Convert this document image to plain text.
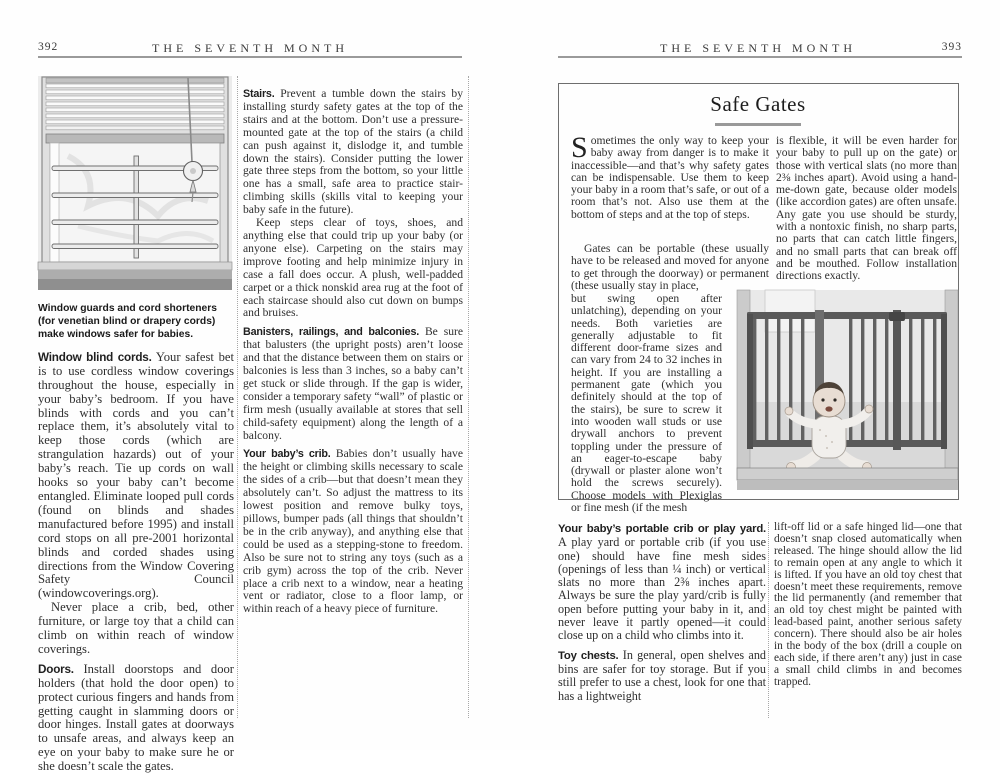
392	THE SEVENTH MONTH

Window guards and cord shorteners (for venetian blind or drapery cords) make windows safer for babies.

Window blind cords. Your safest bet is to use cordless window coverings throughout the house, especially in your baby’s bedroom. If you have blinds with cords and you can’t replace them, it’s absolutely vital to keep those cords (which are strangulation hazards) out of your baby’s reach. Tie up cords on wall hooks so your baby can’t become entangled. Eliminate looped pull cords (found on blinds and shades manufactured before 1995) and install cord stops on all pre-2001 horizontal blinds and corded shades using directions from the Window Covering Safety Council (windowcoverings.org).

Never place a crib, bed, other furniture, or large toy that a child can climb on within reach of window coverings.

Doors. Install doorstops and door holders (that hold the door open) to protect curious fingers and hands from getting caught in slamming doors or door hinges. Install gates at doorways to unsafe areas, and always keep an eye on your baby to make sure he or she doesn’t scale the gates.

Stairs. Prevent a tumble down the stairs by installing sturdy safety gates at the top of the stairs and at the bottom. Don’t use a pressure-mounted gate at the top of the stairs (a child can push against it, dislodge it, and tumble down the stairs). Consider putting the lower gate three steps from the bottom, so your little one has a small, safe area to practice stair-climbing skills (skills vital to keeping your baby safe in the future).

Keep steps clear of toys, shoes, and anything else that could trip up your baby (or anyone else). Carpeting on the stairs may improve footing and help minimize injury in case a fall does occur. A plush, well-padded carpet or a thick nonskid area rug at the foot of each staircase should also cut down on bumps and bruises.

Banisters, railings, and balconies. Be sure that balusters (the upright posts) aren’t loose and that the distance between them on stairs or balconies is less than 3 inches, so a baby can’t get stuck or slide through. If the gap is wider, consider a temporary safety “wall” of plastic or firm mesh (usually available at stores that sell child-safety equipment) along the length of a balcony.

Your baby’s crib. Babies don’t usually have the height or climbing skills necessary to scale the sides of a crib—but that doesn’t mean they absolutely can’t. So adjust the mattress to its lowest position and remove bulky toys, pillows, bumper pads (all things that shouldn’t be in the crib anyway), and anything else that could be used as a stepping-stone to freedom. Also be sure not to string any toys (such as a crib gym) across the top of the crib. Never place a crib next to a window, near a heating vent or radiator, close to a floor lamp, or within reach of a heavy piece of furniture.

THE SEVENTH MONTH	393
Safe Gates
Sometimes the only way to keep your baby away from danger is to make it inaccessible—and that’s why safety gates can be indispensable. Use them to keep your baby in a room that’s safe, or out of a room that’s not. Also use them at the bottom of steps and at the top of steps.

Gates can be portable (these usually have to be released and moved for anyone to get through the doorway) or permanent (these usually stay in place,

but swing open after unlatching), depending on your needs. Both varieties are generally adjustable to fit different door-frame sizes and can vary from 24 to 32 inches in height. If you are installing a permanent gate (which you definitely should at the top of the stairs), be sure to screw it into wooden wall studs or use drywall anchors to prevent toppling under the pressure of an eager-to-escape baby (drywall or plaster alone won’t hold the screws securely). Choose models with Plexiglas or fine mesh (if the mesh
is flexible, it will be even harder for your baby to pull up on the gate) or those with vertical slats (no more than 2⅜ inches apart). Avoid using a hand-me-down gate, because older models (like accordion gates) are often unsafe. Any gate you use should be sturdy, with a nontoxic finish, no sharp parts, no parts that can catch little fingers, and no small parts that can break off and be mouthed. Follow installation directions exactly.

Your baby’s portable crib or play yard. A play yard or portable crib (if you use one) should have fine mesh sides (openings of less than ¼ inch) or vertical slats no more than 2⅜ inches apart. Always be sure the play yard/crib is fully open before putting your baby in it, and never leave it partly opened—it could close up on a child who climbs into it.

Toy chests. In general, open shelves and bins are safer for toy storage. But if you still prefer to use a chest, look for one that has a lightweight

lift-off lid or a safe hinged lid—one that doesn’t snap closed automatically when released. The hinge should allow the lid to remain open at any angle to which it is lifted. If you have an old toy chest that doesn’t meet these requirements, remove the lid permanently (and remember that an old toy chest might be painted with lead-based paint, another serious safety concern). There should also be air holes in the body of the box (drill a couple on each side, if there aren’t any) just in case a small child climbs in and becomes trapped.
